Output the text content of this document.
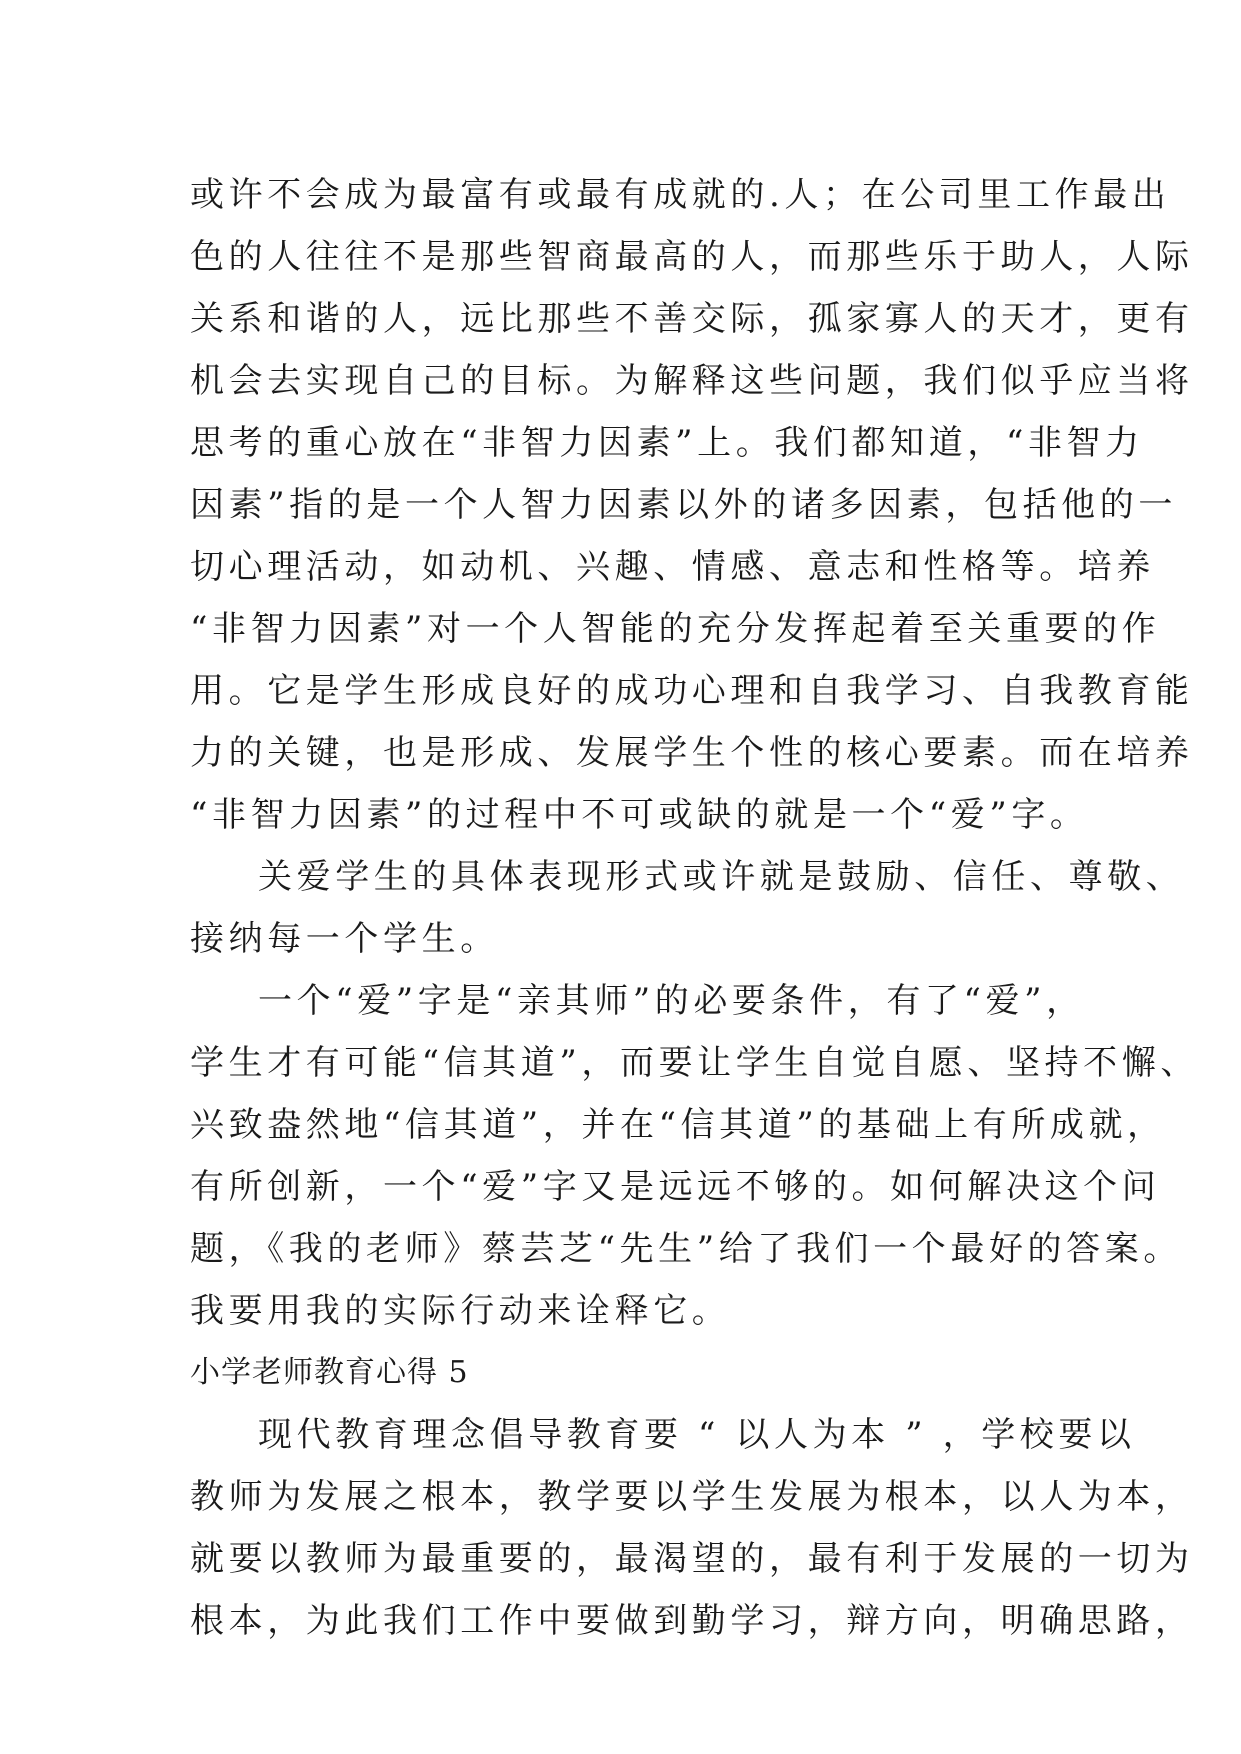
或许不会成为最富有或最有成就的.人；在公司里工作最出
色的人往往不是那些智商最高的人，而那些乐于助人，人际
关系和谐的人，远比那些不善交际，孤家寡人的天才，更有
机会去实现自己的目标。为解释这些问题，我们似乎应当将
思考的重心放在“非智力因素”上。我们都知道，“非智力
因素”指的是一个人智力因素以外的诸多因素，包括他的一
切心理活动，如动机、兴趣、情感、意志和性格等。培养
“非智力因素”对一个人智能的充分发挥起着至关重要的作
用。它是学生形成良好的成功心理和自我学习、自我教育能
力的关键，也是形成、发展学生个性的核心要素。而在培养
“非智力因素”的过程中不可或缺的就是一个“爱”字。
关爱学生的具体表现形式或许就是鼓励、信任、尊敬、
接纳每一个学生。
一个“爱”字是“亲其师”的必要条件，有了“爱”，
学生才有可能“信其道”，而要让学生自觉自愿、坚持不懈、
兴致盎然地“信其道”，并在“信其道”的基础上有所成就，
有所创新，一个“爱”字又是远远不够的。如何解决这个问
题，《我的老师》蔡芸芝“先生”给了我们一个最好的答案。
我要用我的实际行动来诠释它。
小学老师教育心得 5
现代教育理念倡导教育要 “ 以人为本 ” ，学校要以
教师为发展之根本，教学要以学生发展为根本，以人为本，
就要以教师为最重要的，最渴望的，最有利于发展的一切为
根本，为此我们工作中要做到勤学习，辩方向，明确思路，
